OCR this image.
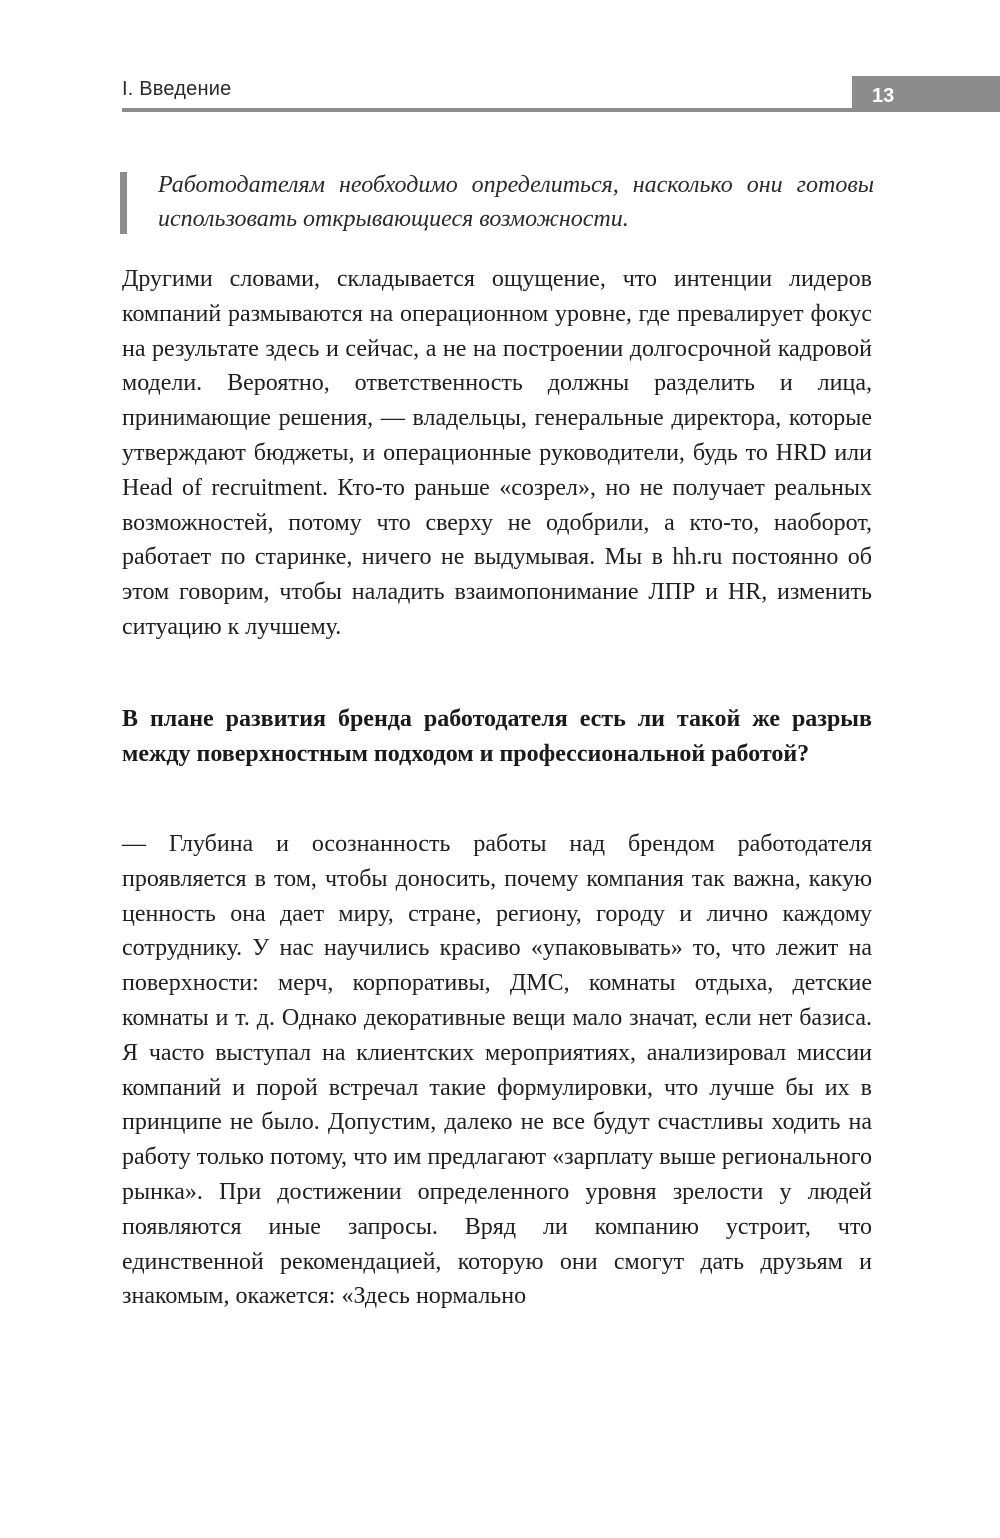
I. Введение	13
Работодателям необходимо определиться, насколько они готовы использовать открывающиеся возможности.

Другими словами, складывается ощущение, что интенции лидеров компаний размываются на операционном уровне, где превалирует фокус на результате здесь и сейчас, а не на построении долгосрочной кадровой модели. Вероятно, ответственность должны разделить и лица, принимающие решения, — владельцы, генеральные директора, которые утверждают бюджеты, и операционные руководители, будь то HRD или Head of recruitment. Кто-то раньше «созрел», но не получает реальных возможностей, потому что сверху не одобрили, а кто-то, наоборот, работает по старинке, ничего не выдумывая. Мы в hh.ru постоянно об этом говорим, чтобы наладить взаимопонимание ЛПР и HR, изменить ситуацию к лучшему.

В плане развития бренда работодателя есть ли такой же разрыв между поверхностным подходом и профессиональной работой?

— Глубина и осознанность работы над брендом работодателя проявляется в том, чтобы доносить, почему компания так важна, какую ценность она дает миру, стране, региону, городу и лично каждому сотруднику. У нас научились красиво «упаковывать» то, что лежит на поверхности: мерч, корпоративы, ДМС, комнаты отдыха, детские комнаты и т. д. Однако декоративные вещи мало значат, если нет базиса. Я часто выступал на клиентских мероприятиях, анализировал миссии компаний и порой встречал такие формулировки, что лучше бы их в принципе не было. Допустим, далеко не все будут счастливы ходить на работу только потому, что им предлагают «зарплату выше регионального рынка». При достижении определенного уровня зрелости у людей появляются иные запросы. Вряд ли компанию устроит, что единственной рекомендацией, которую они смогут дать друзьям и знакомым, окажется: «Здесь нормально
